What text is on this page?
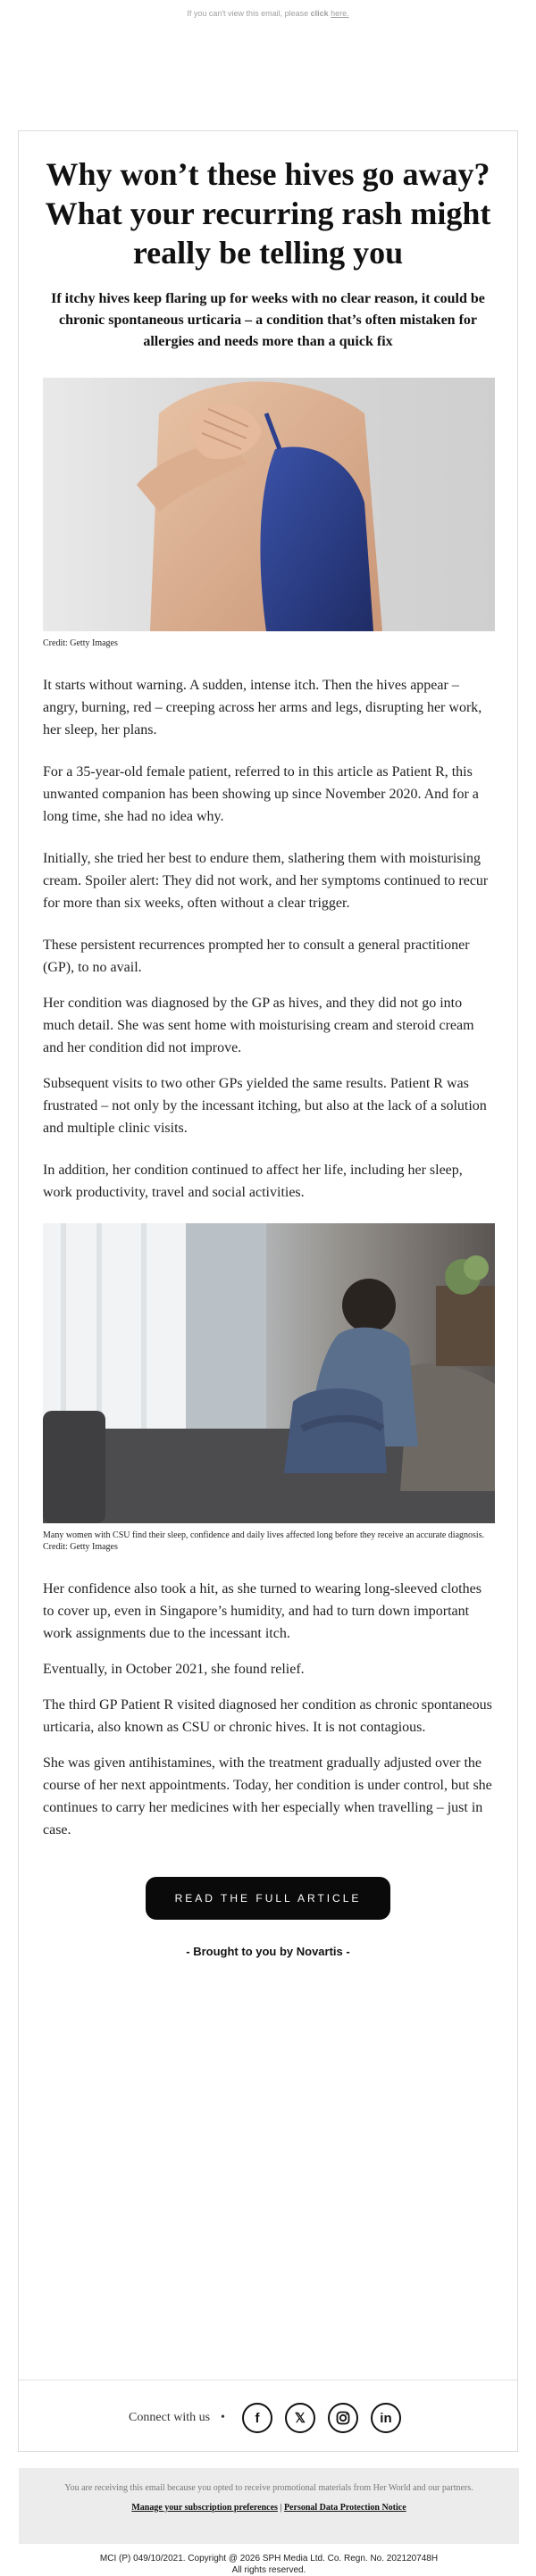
If you can't view this email, please click here.
Why won’t these hives go away? What your recurring rash might really be telling you
If itchy hives keep flaring up for weeks with no clear reason, it could be chronic spontaneous urticaria – a condition that’s often mistaken for allergies and needs more than a quick fix
Credit: Getty Images

It starts without warning. A sudden, intense itch. Then the hives appear – angry, burning, red – creeping across her arms and legs, disrupting her work, her sleep, her plans.

For a 35-year-old female patient, referred to in this article as Patient R, this unwanted companion has been showing up since November 2020. And for a long time, she had no idea why.

Initially, she tried her best to endure them, slathering them with moisturising cream. Spoiler alert: They did not work, and her symptoms continued to recur for more than six weeks, often without a clear trigger.

These persistent recurrences prompted her to consult a general practitioner (GP), to no avail.

Her condition was diagnosed by the GP as hives, and they did not go into much detail. She was sent home with moisturising cream and steroid cream and her condition did not improve.

Subsequent visits to two other GPs yielded the same results. Patient R was frustrated – not only by the incessant itching, but also at the lack of a solution and multiple clinic visits.

In addition, her condition continued to affect her life, including her sleep, work productivity, travel and social activities.

Many women with CSU find their sleep, confidence and daily lives affected long before they receive an accurate diagnosis. Credit: Getty Images

Her confidence also took a hit, as she turned to wearing long-sleeved clothes to cover up, even in Singapore’s humidity, and had to turn down important work assignments due to the incessant itch.

Eventually, in October 2021, she found relief.

The third GP Patient R visited diagnosed her condition as chronic spontaneous urticaria, also known as CSU or chronic hives. It is not contagious.

She was given antihistamines, with the treatment gradually adjusted over the course of her next appointments. Today, her condition is under control, but she continues to carry her medicines with her especially when travelling – just in case.

READ THE FULL ARTICLE
- Brought to you by Novartis -
Connect with us •	f	𝕏	in
You are receiving this email because you opted to receive promotional materials from Her World and our partners.
Manage your subscription preferences | Personal Data Protection Notice
MCI (P) 049/10/2021. Copyright @ 2026 SPH Media Ltd. Co. Regn. No. 202120748H
All rights reserved.
